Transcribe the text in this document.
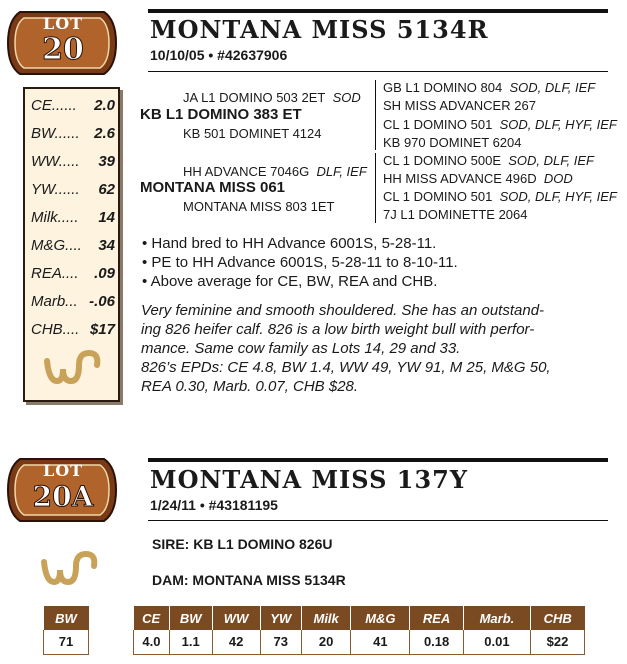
LOT
20
CE...... 2.0
BW...... 2.6
WW..... 39
YW...... 62
Milk..... 14
M&G.... 34
REA.... .09
Marb... -.06
CHB.... $17
MONTANA MISS 5134R
10/10/05 • #42637906
JA L1 DOMINO 503 2ET SOD
KB L1 DOMINO 383 ET
KB 501 DOMINET 4124
HH ADVANCE 7046G DLF, IEF
MONTANA MISS 061
MONTANA MISS 803 1ET
GB L1 DOMINO 804 SOD, DLF, IEF
SH MISS ADVANCER 267
CL 1 DOMINO 501 SOD, DLF, HYF, IEF
KB 970 DOMINET 6204
CL 1 DOMINO 500E SOD, DLF, IEF
HH MISS ADVANCE 496D DOD
CL 1 DOMINO 501 SOD, DLF, HYF, IEF
7J L1 DOMINETTE 2064
• Hand bred to HH Advance 6001S, 5-28-11.
• PE to HH Advance 6001S, 5-28-11 to 8-10-11.
• Above average for CE, BW, REA and CHB.
Very feminine and smooth shouldered. She has an outstand-
ing 826 heifer calf. 826 is a low birth weight bull with perfor-
mance. Same cow family as Lots 14, 29 and 33.
826’s EPDs: CE 4.8, BW 1.4, WW 49, YW 91, M 25, M&G 50,
REA 0.30, Marb. 0.07, CHB $28.
LOT
20A
MONTANA MISS 137Y
1/24/11 • #43181195
SIRE: KB L1 DOMINO 826U
DAM: MONTANA MISS 5134R
BW
71
CE	BW	WW	YW	Milk	M&G	REA	Marb.	CHB
4.0	1.1	42	73	20	41	0.18	0.01	$22
